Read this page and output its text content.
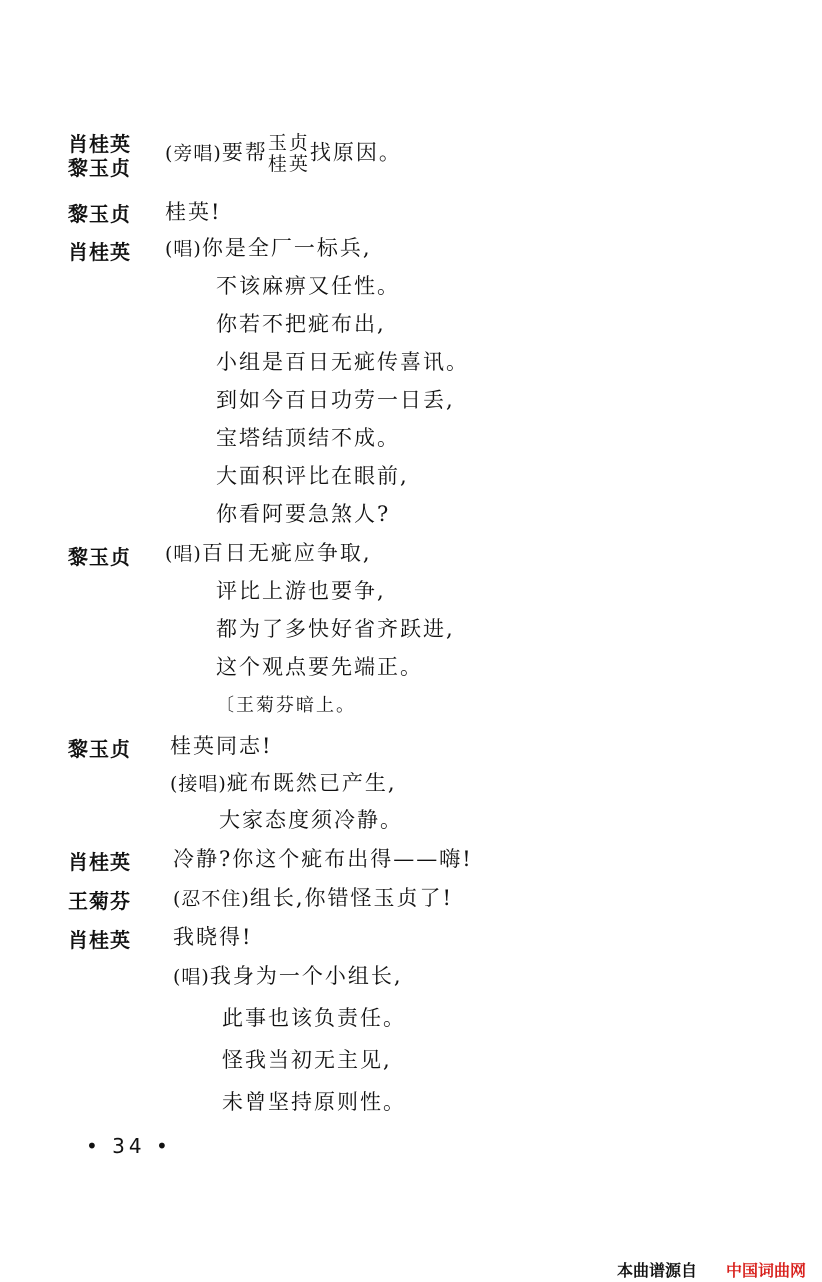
肖桂英
黎玉贞
(旁唱)要帮 玉贞
桂英 找原因。
黎玉贞 桂英!
肖桂英 (唱)你是全厂一标兵,
不该麻痹又任性。
你若不把疵布出,
小组是百日无疵传喜讯。
到如今百日功劳一日丢,
宝塔结顶结不成。
大面积评比在眼前,
你看阿要急煞人?
黎玉贞 (唱)百日无疵应争取,
评比上游也要争,
都为了多快好省齐跃进,
这个观点要先端正。
〔王菊芬暗上。
黎玉贞 桂英同志!
(接唱)疵布既然已产生,
大家态度须冷静。
肖桂英 冷静?你这个疵布出得——嗨!
王菊芬 (忍不住)组长,你错怪玉贞了!
肖桂英 我晓得!
(唱)我身为一个小组长,
此事也该负责任。
怪我当初无主见,
未曾坚持原则性。
• 34 •
本曲谱源自 中国词曲网
